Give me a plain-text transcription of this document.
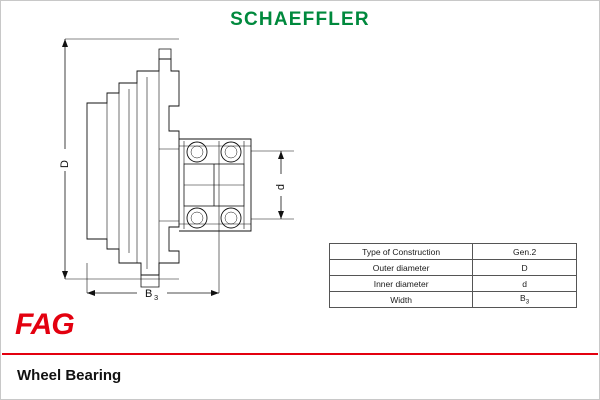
SCHAEFFLER
D
d
B 3
Type of Construction	Gen.2
Outer diameter	D
Inner diameter	d
Width	$B_3$
FAG
Wheel Bearing
